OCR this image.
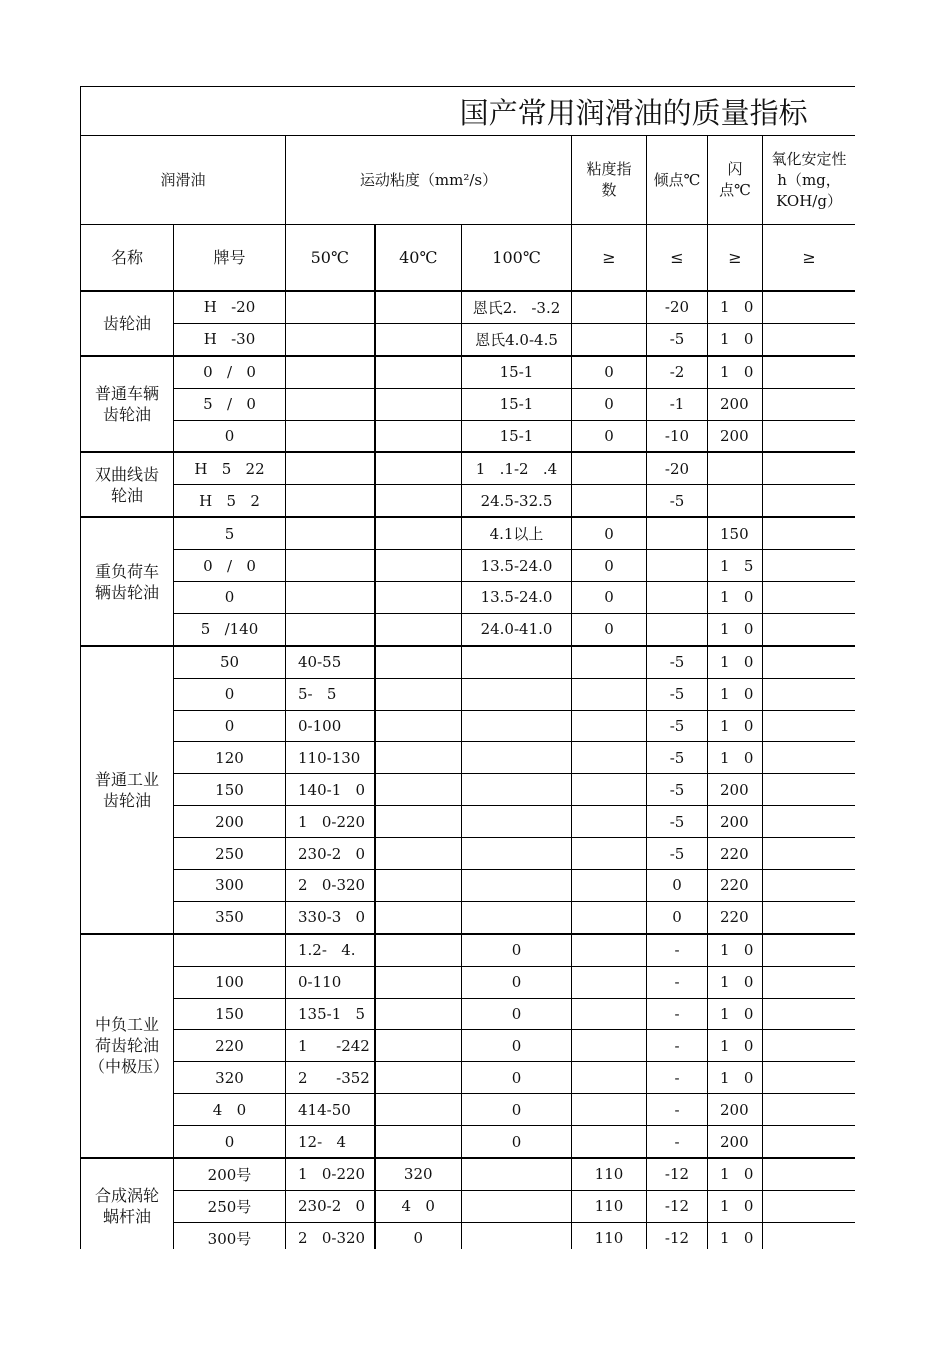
国产常用润滑油的质量指标								
润滑油		运动粘度（mm²/s）			粘度指数	倾点℃	闪点℃	氧化安定性h（mg，KOH/g）
名称	牌号	50℃	40℃	100℃	≥	≤	≥	≥
齿轮油	H   -20			恩氏2.   -3.2		-20	1   0	
	H   -30			恩氏4.0-4.5		-5	1   0	
普通车辆齿轮油	0   /   0			15-1	0	-2	1   0	
	5   /   0			15-1	0	-1	200	
	0			15-1	0	-10	200	
双曲线齿轮油	H   5   22			1   .1-2   .4		-20		
	H   5   2			24.5-32.5		-5		
重负荷车辆齿轮油	5			4.1以上	0		150	
	0   /   0			13.5-24.0	0		1   5	
	0			13.5-24.0	0		1   0	
	5   /140			24.0-41.0	0		1   0	
普通工业齿轮油	50	40-55				-5	1   0	
	0	5-   5				-5	1   0	
	0	0-100				-5	1   0	
	120	110-130				-5	1   0	
	150	140-1   0				-5	200	
	200	1   0-220				-5	200	
	250	230-2   0				-5	220	
	300	2   0-320				0	220	
	350	330-3   0				0	220	
中负工业荷齿轮油（中极压）		1.2-   4.		0		-	1   0	
	100	0-110		0		-	1   0	
	150	135-1   5		0		-	1   0	
	220	1      -242		0		-	1   0	
	320	2      -352		0		-	1   0	
	4   0	414-50		0		-	200	
	0	12-   4		0		-	200	
合成涡轮蜗杆油	200号	1   0-220	320		110	-12	1   0	
	250号	230-2   0	4   0		110	-12	1   0	
	300号	2   0-320	0		110	-12	1   0	
